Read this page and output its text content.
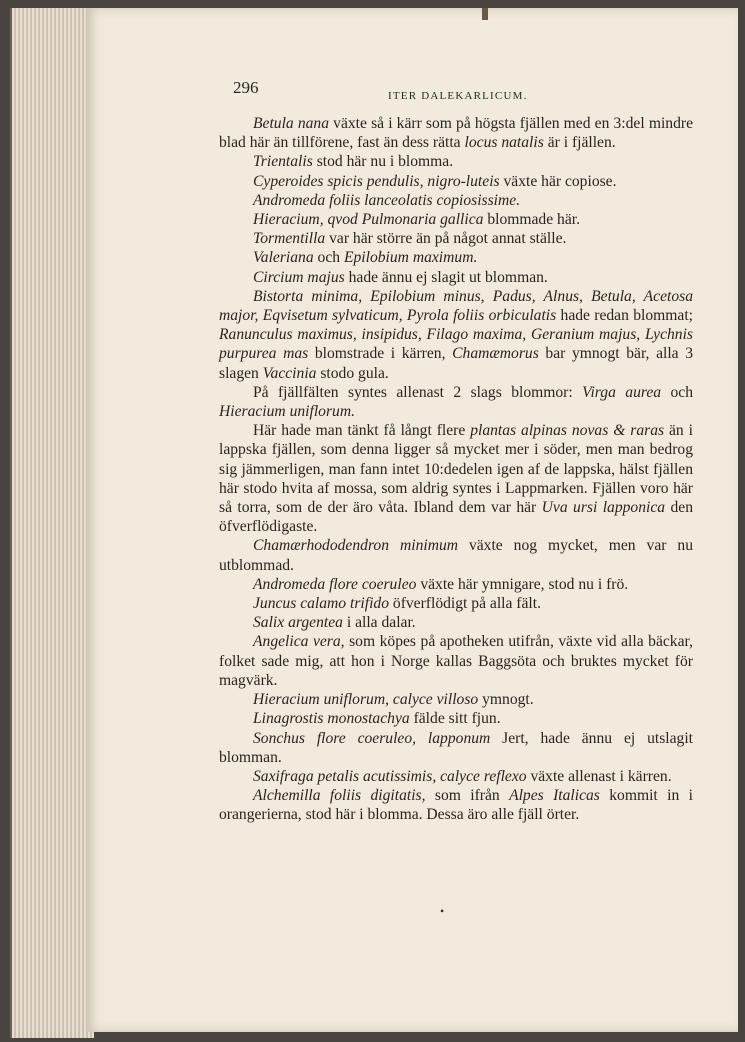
296	ITER DALEKARLICUM.

Betula nana växte så i kärr som på högsta fjällen med en 3:del mindre blad här än tillförene, fast än dess rätta locus natalis är i fjällen.

Trientalis stod här nu i blomma.

Cyperoides spicis pendulis, nigro-luteis växte här copiose.

Andromeda foliis lanceolatis copiosissime.

Hieracium, qvod Pulmonaria gallica blommade här.

Tormentilla var här större än på något annat ställe.

Valeriana och Epilobium maximum.

Circium majus hade ännu ej slagit ut blomman.

Bistorta minima, Epilobium minus, Padus, Alnus, Betula, Acetosa major, Eqvisetum sylvaticum, Pyrola foliis orbiculatis hade redan blommat; Ranunculus maximus, insipidus, Filago maxima, Geranium majus, Lychnis purpurea mas blomstrade i kärren, Chamæmorus bar ymnogt bär, alla 3 slagen Vaccinia stodo gula.

På fjällfälten syntes allenast 2 slags blommor: Virga aurea och Hieracium uniflorum.

Här hade man tänkt få långt flere plantas alpinas novas & raras än i lappska fjällen, som denna ligger så mycket mer i söder, men man bedrog sig jämmerligen, man fann intet 10:dedelen igen af de lappska, hälst fjällen här stodo hvita af mossa, som aldrig syntes i Lappmarken. Fjällen voro här så torra, som de der äro våta. Ibland dem var här Uva ursi lapponica den öfverflödigaste.

Chamærhododendron minimum växte nog mycket, men var nu utblommad.

Andromeda flore coeruleo växte här ymnigare, stod nu i frö.

Juncus calamo trifido öfverflödigt på alla fält.

Salix argentea i alla dalar.

Angelica vera, som köpes på apotheken utifrån, växte vid alla bäckar, folket sade mig, att hon i Norge kallas Baggsöta och bruktes mycket för magvärk.

Hieracium uniflorum, calyce villoso ymnogt.

Linagrostis monostachya fälde sitt fjun.

Sonchus flore coeruleo, lapponum Jert, hade ännu ej utslagit blomman.

Saxifraga petalis acutissimis, calyce reflexo växte allenast i kärren.

Alchemilla foliis digitatis, som ifrån Alpes Italicas kommit in i orangerierna, stod här i blomma. Dessa äro alle fjäll örter.

•
